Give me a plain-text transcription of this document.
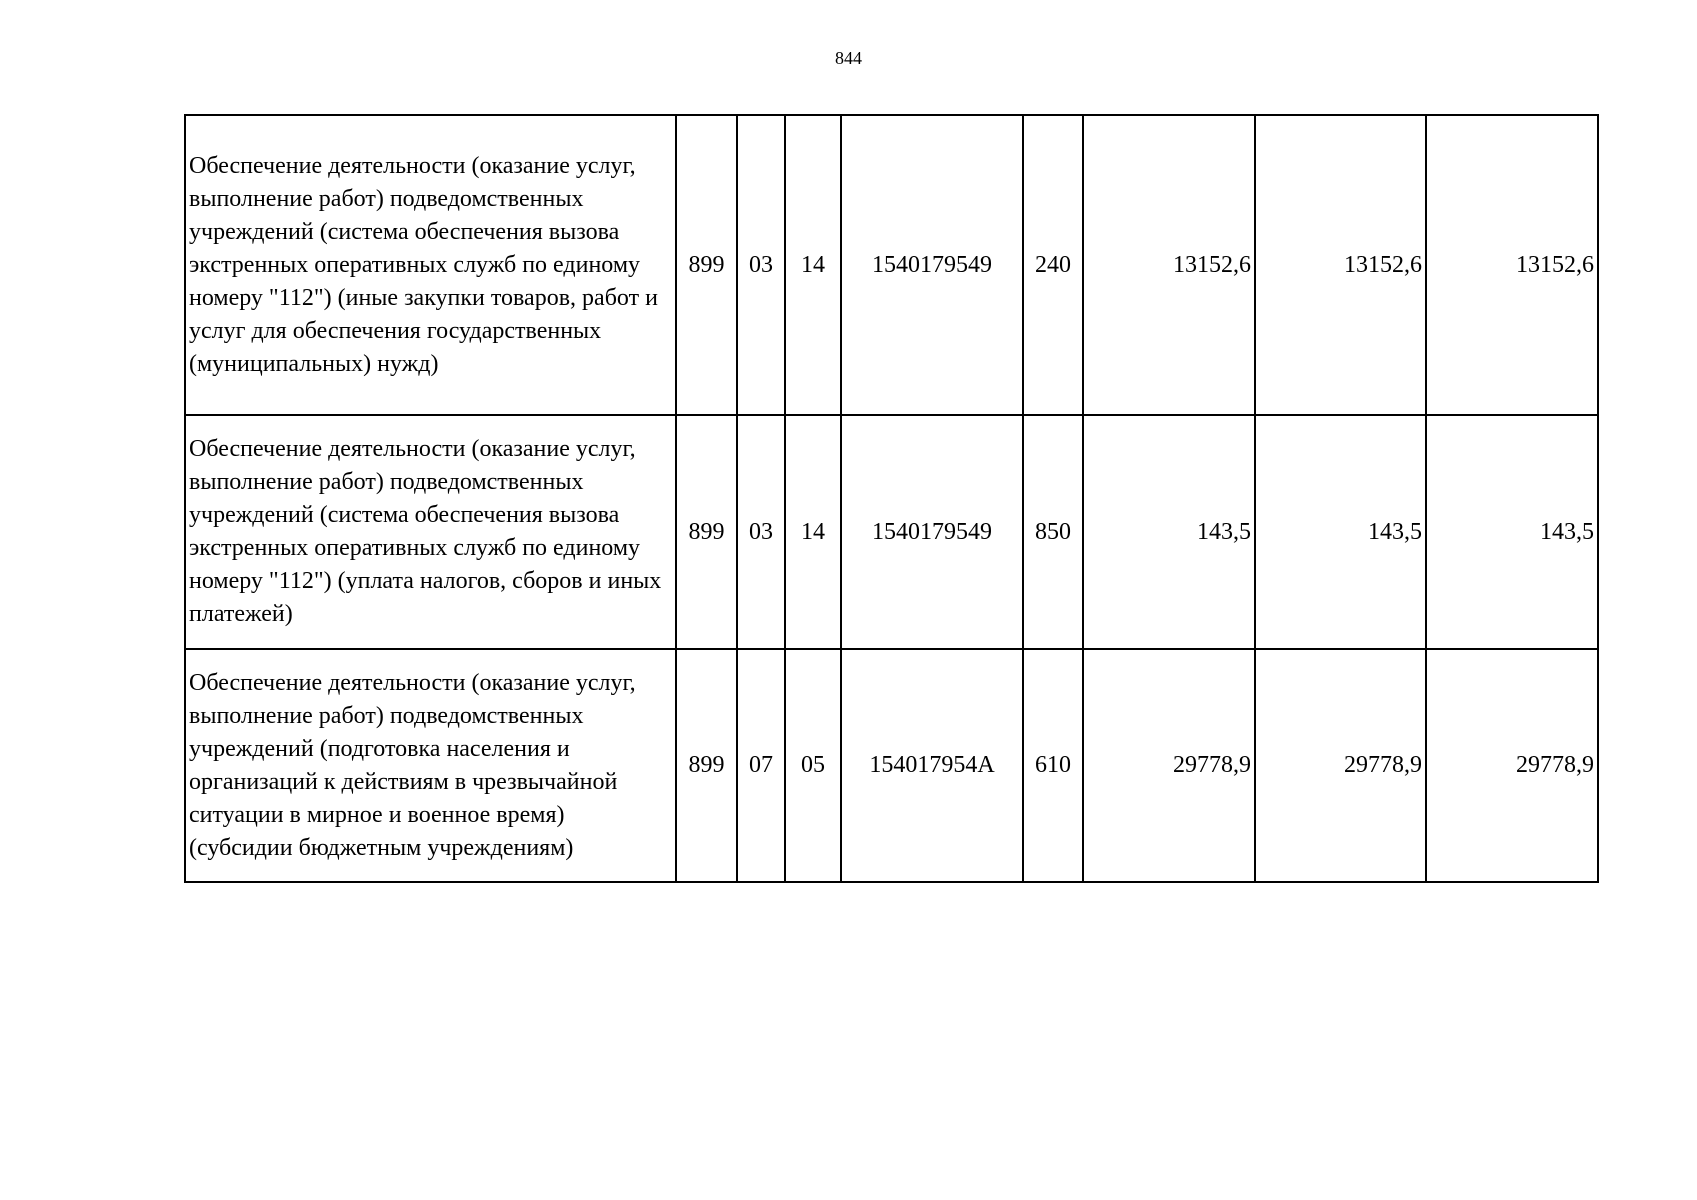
844
Обеспечение деятельности (оказание услуг, выполнение работ) подведомственных учреждений (система обеспечения вызова экстренных оперативных служб по единому номеру "112") (иные закупки товаров, работ и услуг для обеспечения государственных (муниципальных) нужд)	899	03	14	1540179549	240	13152,6	13152,6	13152,6
Обеспечение деятельности (оказание услуг, выполнение работ) подведомственных учреждений (система обеспечения вызова экстренных оперативных служб по единому номеру "112") (уплата налогов, сборов и иных платежей)	899	03	14	1540179549	850	143,5	143,5	143,5
Обеспечение деятельности (оказание услуг, выполнение работ) подведомственных учреждений (подготовка населения и организаций к действиям в чрезвычайной ситуации в мирное и военное время) (субсидии бюджетным учреждениям)	899	07	05	154017954А	610	29778,9	29778,9	29778,9
